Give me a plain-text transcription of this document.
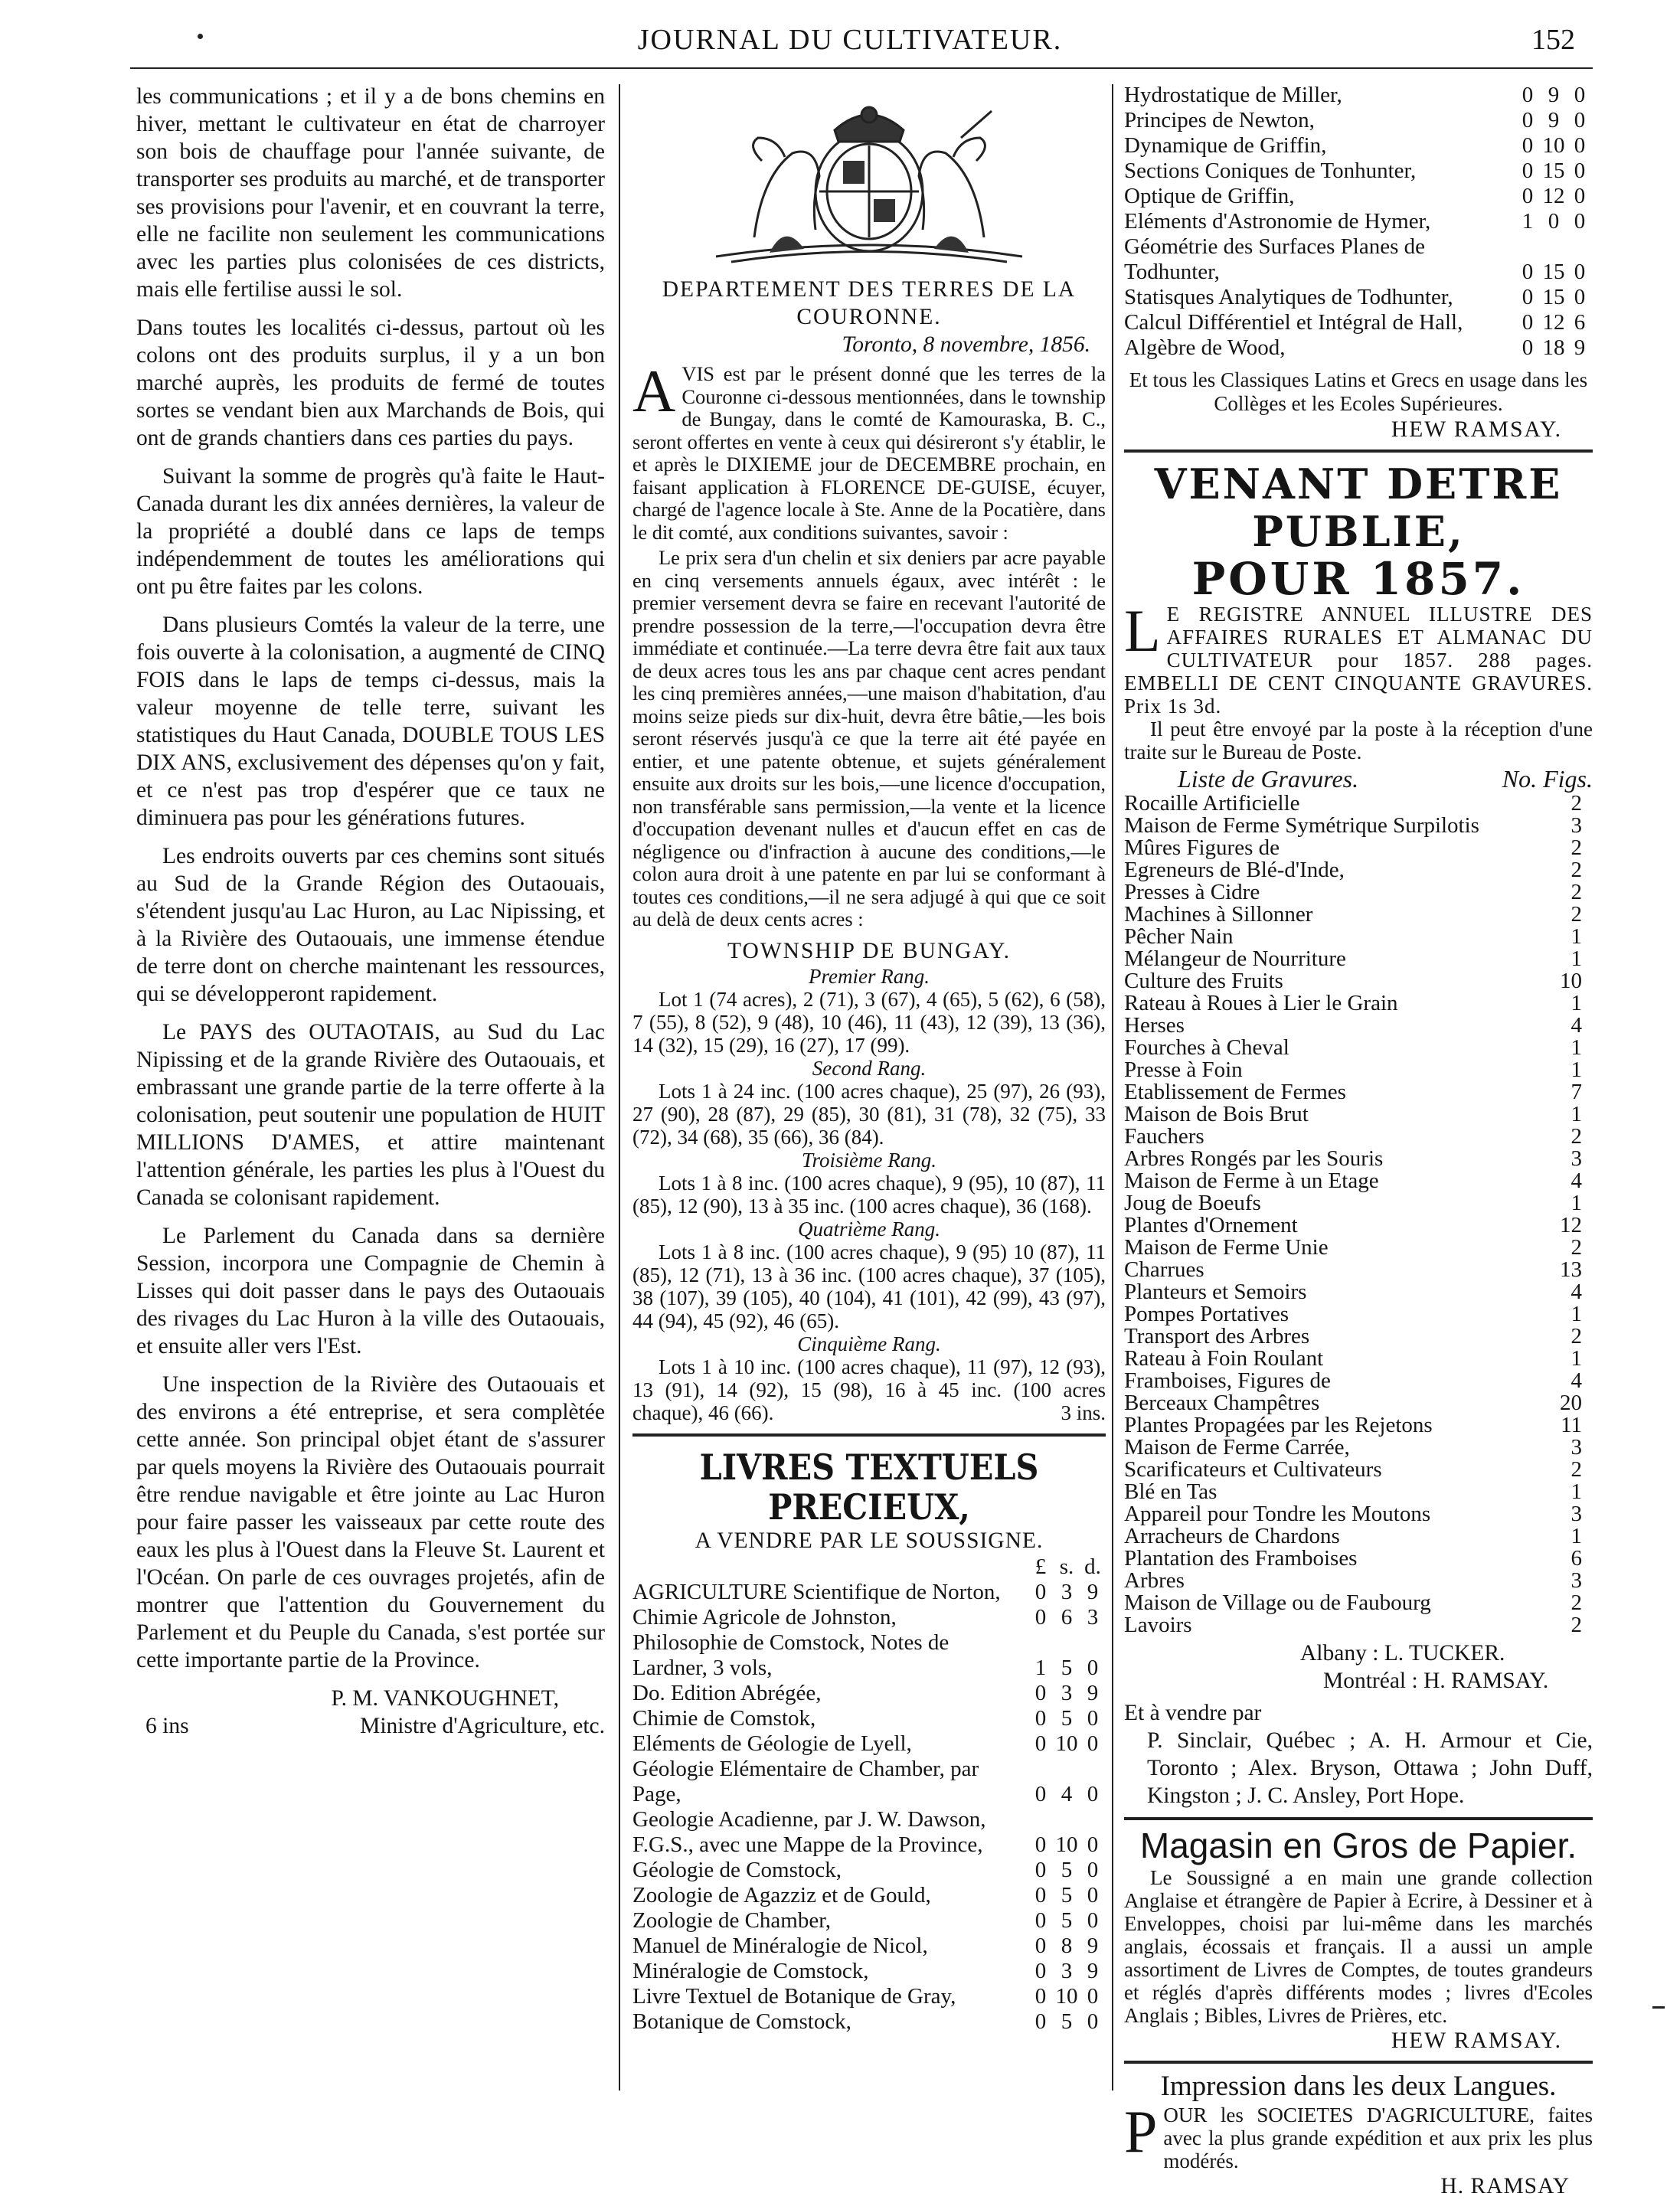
JOURNAL DU CULTIVATEUR.	152

les communications ; et il y a de bons chemins en hiver, mettant le cultivateur en état de charroyer son bois de chauffage pour l'année suivante, de transporter ses produits au marché, et de transporter ses provisions pour l'avenir, et en couvrant la terre, elle ne facilite non seulement les communications avec les parties plus colonisées de ces districts, mais elle fertilise aussi le sol.

Dans toutes les localités ci-dessus, partout où les colons ont des produits surplus, il y a un bon marché auprès, les produits de fermé de toutes sortes se vendant bien aux Marchands de Bois, qui ont de grands chantiers dans ces parties du pays.

Suivant la somme de progrès qu'à faite le Haut-Canada durant les dix années dernières, la valeur de la propriété a doublé dans ce laps de temps indépendemment de toutes les améliorations qui ont pu être faites par les colons.

Dans plusieurs Comtés la valeur de la terre, une fois ouverte à la colonisation, a augmenté de CINQ FOIS dans le laps de temps ci-dessus, mais la valeur moyenne de telle terre, suivant les statistiques du Haut Canada, DOUBLE TOUS LES DIX ANS, exclusivement des dépenses qu'on y fait, et ce n'est pas trop d'espérer que ce taux ne diminuera pas pour les générations futures.

Les endroits ouverts par ces chemins sont situés au Sud de la Grande Région des Outaouais, s'étendent jusqu'au Lac Huron, au Lac Nipissing, et à la Rivière des Outaouais, une immense étendue de terre dont on cherche maintenant les ressources, qui se développeront rapidement.

Le PAYS des OUTAOTAIS, au Sud du Lac Nipissing et de la grande Rivière des Outaouais, et embrassant une grande partie de la terre offerte à la colonisation, peut soutenir une population de HUIT MILLIONS D'AMES, et attire maintenant l'attention générale, les parties les plus à l'Ouest du Canada se colonisant rapidement.

Le Parlement du Canada dans sa dernière Session, incorpora une Compagnie de Chemin à Lisses qui doit passer dans le pays des Outaouais des rivages du Lac Huron à la ville des Outaouais, et ensuite aller vers l'Est.

Une inspection de la Rivière des Outaouais et des environs a été entreprise, et sera complètée cette année. Son principal objet étant de s'assurer par quels moyens la Rivière des Outaouais pourrait être rendue navigable et être jointe au Lac Huron pour faire passer les vaisseaux par cette route des eaux les plus à l'Ouest dans la Fleuve St. Laurent et l'Océan. On parle de ces ouvrages projetés, afin de montrer que l'attention du Gouvernement du Parlement et du Peuple du Canada, s'est portée sur cette importante partie de la Province.

P. M. VANKOUGHNET,
6 ins	Ministre d'Agriculture, etc.
DEPARTEMENT DES TERRES DE LA COURONNE.
Toronto, 8 novembre, 1856.
A VIS est par le présent donné que les terres de la Couronne ci-dessous mentionnées, dans le township de Bungay, dans le comté de Kamouraska, B. C., seront offertes en vente à ceux qui désireront s'y établir, le et après le DIXIEME jour de DECEMBRE prochain, en faisant application à FLORENCE DE-GUISE, écuyer, chargé de l'agence locale à Ste. Anne de la Pocatière, dans le dit comté, aux conditions suivantes, savoir :

Le prix sera d'un chelin et six deniers par acre payable en cinq versements annuels égaux, avec intérêt : le premier versement devra se faire en recevant l'autorité de prendre possession de la terre,—l'occupation devra être immédiate et continuée.—La terre devra être fait aux taux de deux acres tous les ans par chaque cent acres pendant les cinq premières années,—une maison d'habitation, d'au moins seize pieds sur dix-huit, devra être bâtie,—les bois seront réservés jusqu'à ce que la terre ait été payée en entier, et une patente obtenue, et sujets généralement ensuite aux droits sur les bois,—une licence d'occupation, non transférable sans permission,—la vente et la licence d'occupation devenant nulles et d'aucun effet en cas de négligence ou d'infraction à aucune des conditions,—le colon aura droit à une patente en par lui se conformant à toutes ces conditions,—il ne sera adjugé à qui que ce soit au delà de deux cents acres :

TOWNSHIP DE BUNGAY.
Premier Rang.
Lot 1 (74 acres), 2 (71), 3 (67), 4 (65), 5 (62), 6 (58), 7 (55), 8 (52), 9 (48), 10 (46), 11 (43), 12 (39), 13 (36), 14 (32), 15 (29), 16 (27), 17 (99).
Second Rang.
Lots 1 à 24 inc. (100 acres chaque), 25 (97), 26 (93), 27 (90), 28 (87), 29 (85), 30 (81), 31 (78), 32 (75), 33 (72), 34 (68), 35 (66), 36 (84).
Troisième Rang.
Lots 1 à 8 inc. (100 acres chaque), 9 (95), 10 (87), 11 (85), 12 (90), 13 à 35 inc. (100 acres chaque), 36 (168).
Quatrième Rang.
Lots 1 à 8 inc. (100 acres chaque), 9 (95) 10 (87), 11 (85), 12 (71), 13 à 36 inc. (100 acres chaque), 37 (105), 38 (107), 39 (105), 40 (104), 41 (101), 42 (99), 43 (97), 44 (94), 45 (92), 46 (65).
Cinquième Rang.
Lots 1 à 10 inc. (100 acres chaque), 11 (97), 12 (93), 13 (91), 14 (92), 15 (98), 16 à 45 inc. (100 acres chaque), 46 (66).	3 ins.
LIVRES TEXTUELS PRECIEUX,
A VENDRE PAR LE SOUSSIGNE.
	£	s.	d.
AGRICULTURE Scientifique de Norton,	0	3	9
Chimie Agricole de Johnston,	0	6	3
Philosophie de Comstock, Notes de Lardner, 3 vols,	1	5	0
Do. Edition Abrégée,	0	3	9
Chimie de Comstok,	0	5	0
Eléments de Géologie de Lyell,	0	10	0
Géologie Elémentaire de Chamber, par Page,	0	4	0
Geologie Acadienne, par J. W. Dawson, F.G.S., avec une Mappe de la Province,	0	10	0
Géologie de Comstock,	0	5	0
Zoologie de Agazziz et de Gould,	0	5	0
Zoologie de Chamber,	0	5	0
Manuel de Minéralogie de Nicol,	0	8	9
Minéralogie de Comstock,	0	3	9
Livre Textuel de Botanique de Gray,	0	10	0
Botanique de Comstock,	0	5	0
Hydrostatique de Miller,	0	9	0
Principes de Newton,	0	9	0
Dynamique de Griffin,	0	10	0
Sections Coniques de Tonhunter,	0	15	0
Optique de Griffin,	0	12	0
Eléments d'Astronomie de Hymer,	1	0	0
Géométrie des Surfaces Planes de Todhunter,	0	15	0
Statisques Analytiques de Todhunter,	0	15	0
Calcul Différentiel et Intégral de Hall,	0	12	6
Algèbre de Wood,	0	18	9
Et tous les Classiques Latins et Grecs en usage dans les Collèges et les Ecoles Supérieures.
HEW RAMSAY.
VENANT DETRE PUBLIE,
POUR 1857.
L E REGISTRE ANNUEL ILLUSTRE DES AFFAIRES RURALES ET ALMANAC DU CULTIVATEUR pour 1857. 288 pages. EMBELLI DE CENT CINQUANTE GRAVURES. Prix 1s 3d.
Il peut être envoyé par la poste à la réception d'une traite sur le Bureau de Poste.
Liste de Gravures.	No. Figs.
Rocaille Artificielle	2
Maison de Ferme Symétrique Surpilotis	3
Mûres Figures de	2
Egreneurs de Blé-d'Inde,	2
Presses à Cidre	2
Machines à Sillonner	2
Pêcher Nain	1
Mélangeur de Nourriture	1
Culture des Fruits	10
Rateau à Roues à Lier le Grain	1
Herses	4
Fourches à Cheval	1
Presse à Foin	1
Etablissement de Fermes	7
Maison de Bois Brut	1
Fauchers	2
Arbres Rongés par les Souris	3
Maison de Ferme à un Etage	4
Joug de Boeufs	1
Plantes d'Ornement	12
Maison de Ferme Unie	2
Charrues	13
Planteurs et Semoirs	4
Pompes Portatives	1
Transport des Arbres	2
Rateau à Foin Roulant	1
Framboises, Figures de	4
Berceaux Champêtres	20
Plantes Propagées par les Rejetons	11
Maison de Ferme Carrée,	3
Scarificateurs et Cultivateurs	2
Blé en Tas	1
Appareil pour Tondre les Moutons	3
Arracheurs de Chardons	1
Plantation des Framboises	6
Arbres	3
Maison de Village ou de Faubourg	2
Lavoirs	2
Albany : L. TUCKER.
Montréal : H. RAMSAY.
Et à vendre par
P. Sinclair, Québec ; A. H. Armour et Cie, Toronto ; Alex. Bryson, Ottawa ; John Duff, Kingston ; J. C. Ansley, Port Hope.
Magasin en Gros de Papier.
Le Soussigné a en main une grande collection Anglaise et étrangère de Papier à Ecrire, à Dessiner et à Enveloppes, choisi par lui-même dans les marchés anglais, écossais et français. Il a aussi un ample assortiment de Livres de Comptes, de toutes grandeurs et réglés d'après différents modes ; livres d'Ecoles Anglais ; Bibles, Livres de Prières, etc.
HEW RAMSAY.
Impression dans les deux Langues.
P OUR les SOCIETES D'AGRICULTURE, faites avec la plus grande expédition et aux prix les plus modérés.
H. RAMSAY
